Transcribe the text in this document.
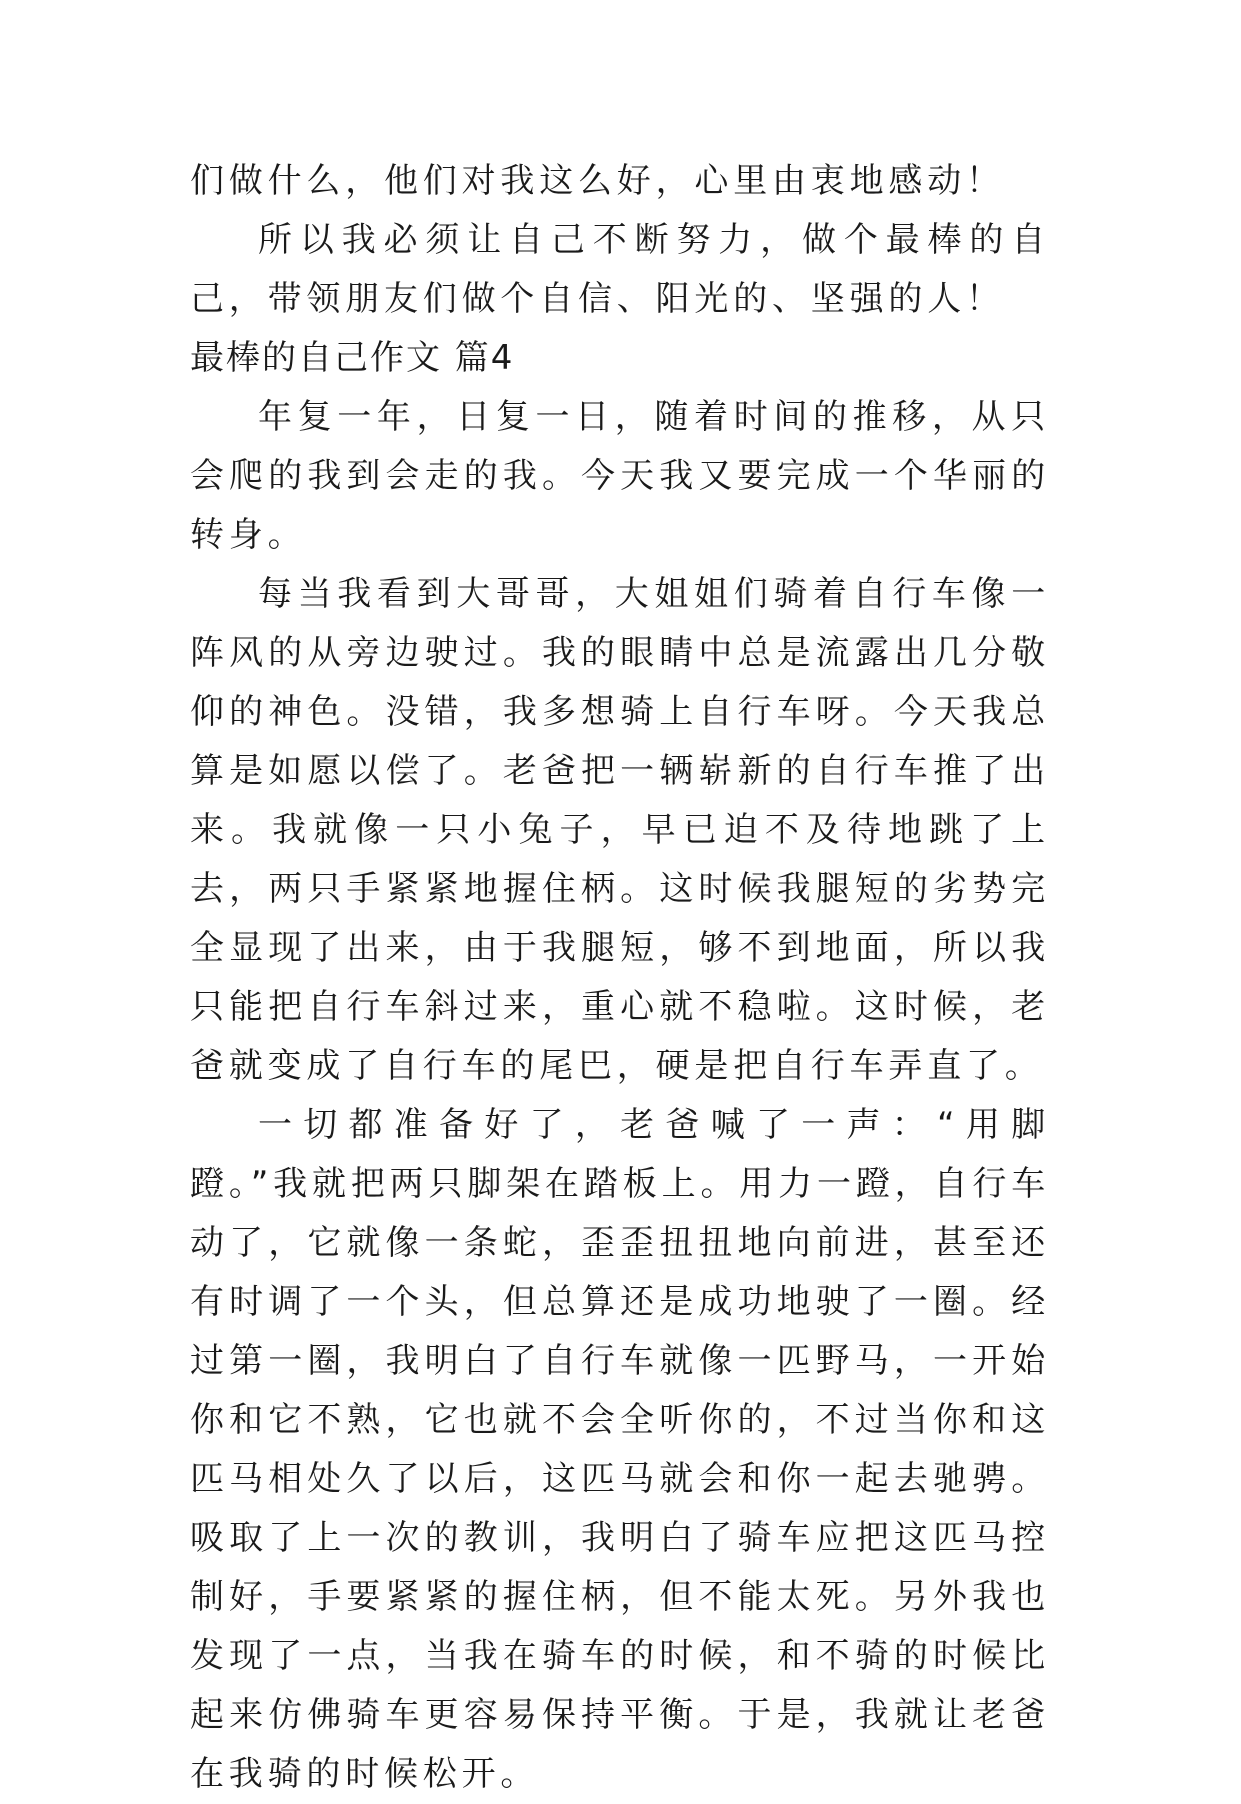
们做什么，他们对我这么好，心里由衷地感动！

所以我必须让自己不断努力，做个最棒的自己，带领朋友们做个自信、阳光的、坚强的人！

最棒的自己作文 篇4

年复一年，日复一日，随着时间的推移，从只会爬的我到会走的我。今天我又要完成一个华丽的转身。

每当我看到大哥哥，大姐姐们骑着自行车像一阵风的从旁边驶过。我的眼睛中总是流露出几分敬仰的神色。没错，我多想骑上自行车呀。今天我总算是如愿以偿了。老爸把一辆崭新的自行车推了出来。我就像一只小兔子，早已迫不及待地跳了上去，两只手紧紧地握住柄。这时候我腿短的劣势完全显现了出来，由于我腿短，够不到地面，所以我只能把自行车斜过来，重心就不稳啦。这时候，老爸就变成了自行车的尾巴，硬是把自行车弄直了。

一切都准备好了，老爸喊了一声：“用脚蹬。”我就把两只脚架在踏板上。用力一蹬，自行车动了，它就像一条蛇，歪歪扭扭地向前进，甚至还有时调了一个头，但总算还是成功地驶了一圈。经过第一圈，我明白了自行车就像一匹野马，一开始你和它不熟，它也就不会全听你的，不过当你和这匹马相处久了以后，这匹马就会和你一起去驰骋。吸取了上一次的教训，我明白了骑车应把这匹马控制好，手要紧紧的握住柄，但不能太死。另外我也发现了一点，当我在骑车的时候，和不骑的时候比起来仿佛骑车更容易保持平衡。于是，我就让老爸在我骑的时候松开。
